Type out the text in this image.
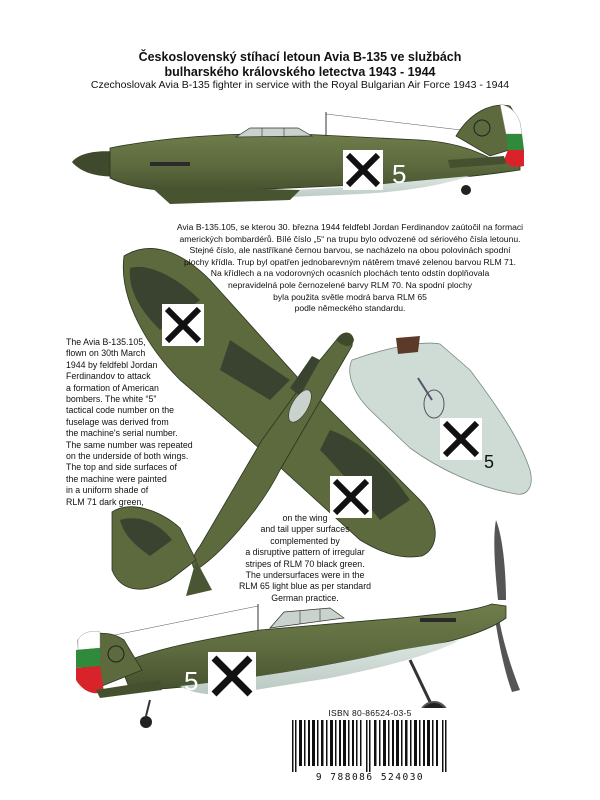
Československý stíhací letoun Avia B-135 ve službách
bulharského královského letectva 1943 - 1944
Czechoslovak Avia B-135 fighter in service with the Royal Bulgarian Air Force 1943 - 1944
5
5
5
Avia B-135.105, se kterou 30. března 1944 feldfebl Jordan Ferdinandov zaútočil na formaci
amerických bombardérů. Bílé číslo „5“ na trupu bylo odvozené od sériového čísla letounu.
Stejné číslo, ale nastříkané černou barvou, se nacházelo na obou polovinách spodní
plochy křídla. Trup byl opatřen jednobarevným nátěrem tmavé zelenou barvou RLM 71.
Na křídlech a na vodorovných ocasních plochách tento odstín doplňovala
nepravidelná pole černozelené barvy RLM 70. Na spodní plochy
byla použita světle modrá barva RLM 65
podle německého standardu.
The Avia B-135.105,
flown on 30th March
1944 by feldfebl Jordan
Ferdinandov to attack
a formation of American
bombers. The white “5”
tactical code number on the
fuselage was derived from
the machine's serial number.
The same number was repeated
on the underside of both wings.
The top and side surfaces of
the machine were painted
in a uniform shade of
RLM 71 dark green,
on the wing
and tail upper surfaces
complemented by
a disruptive pattern of irregular
stripes of RLM 70 black green.
The undersurfaces were in the
RLM 65 light blue as per standard
German practice.
ISBN 80-86524-03-5
9 788086 524030
